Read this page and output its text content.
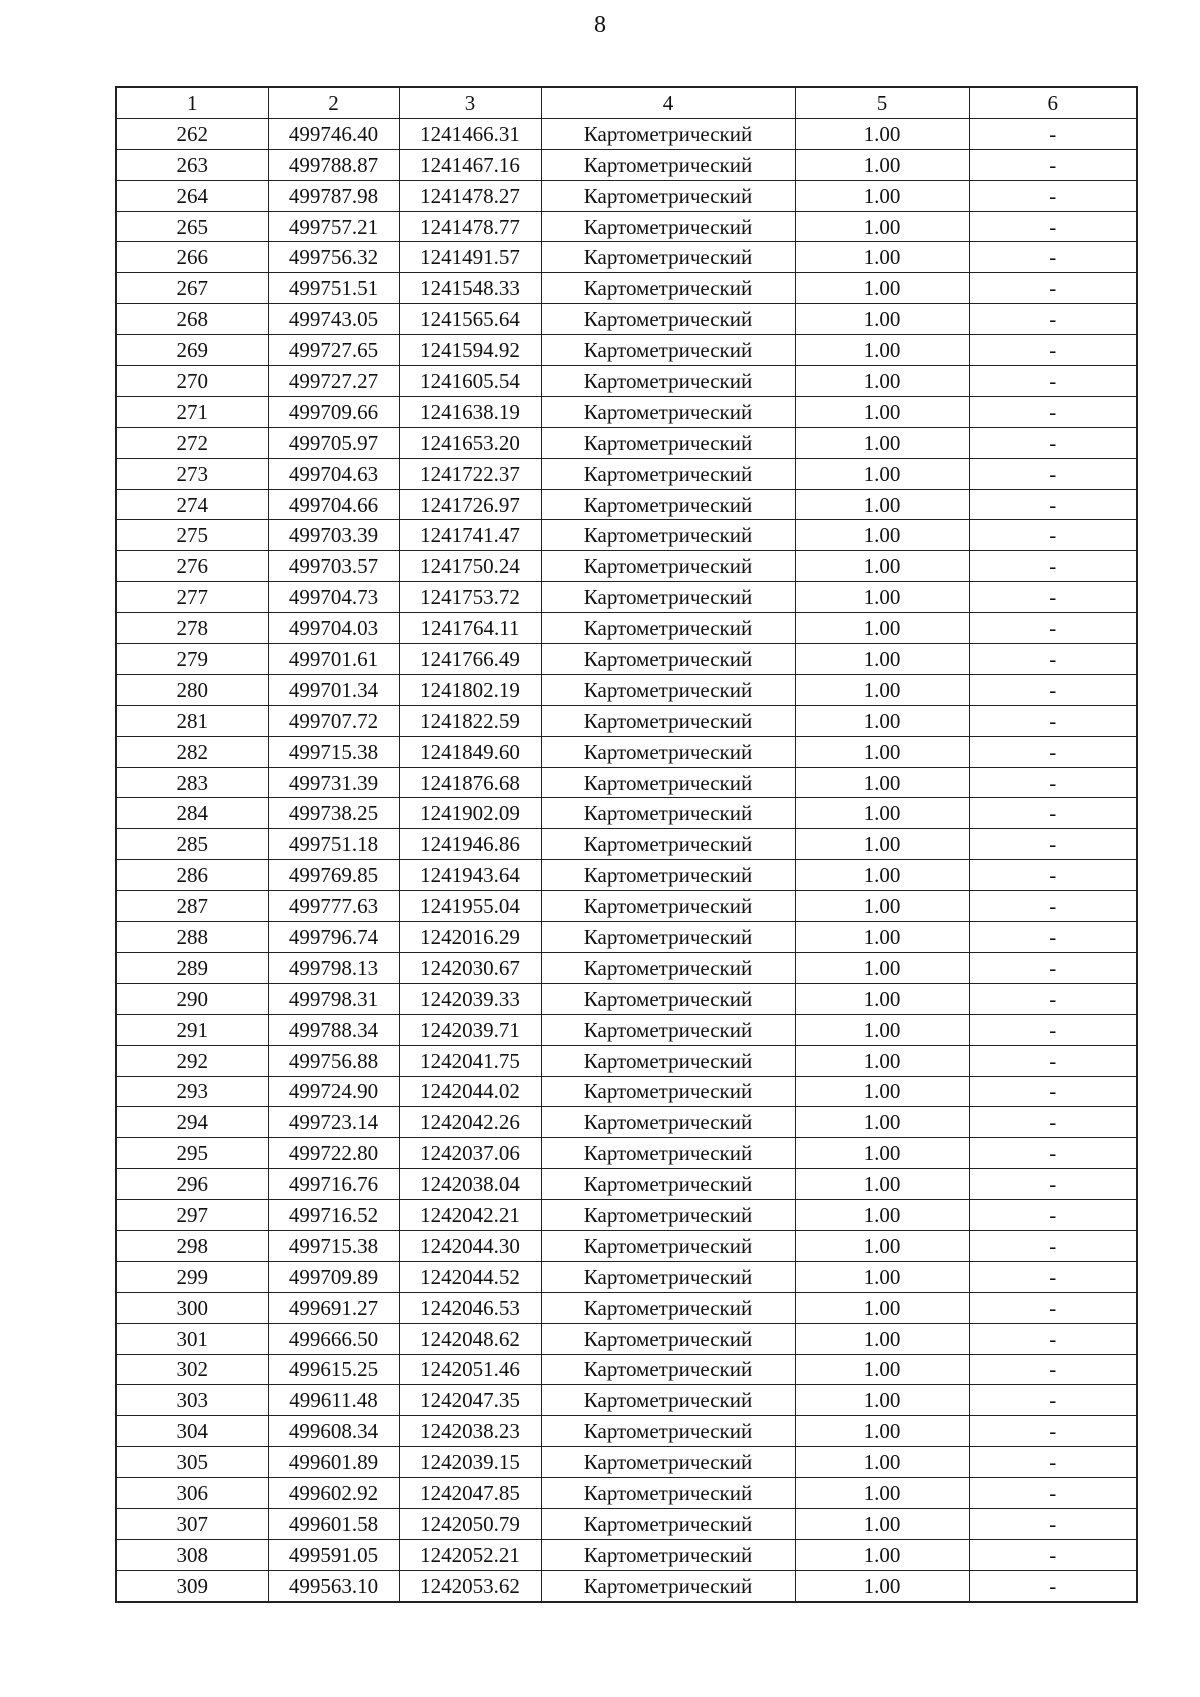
8
1	2	3	4	5	6
262	499746.40	1241466.31	Картометрический	1.00	-
263	499788.87	1241467.16	Картометрический	1.00	-
264	499787.98	1241478.27	Картометрический	1.00	-
265	499757.21	1241478.77	Картометрический	1.00	-
266	499756.32	1241491.57	Картометрический	1.00	-
267	499751.51	1241548.33	Картометрический	1.00	-
268	499743.05	1241565.64	Картометрический	1.00	-
269	499727.65	1241594.92	Картометрический	1.00	-
270	499727.27	1241605.54	Картометрический	1.00	-
271	499709.66	1241638.19	Картометрический	1.00	-
272	499705.97	1241653.20	Картометрический	1.00	-
273	499704.63	1241722.37	Картометрический	1.00	-
274	499704.66	1241726.97	Картометрический	1.00	-
275	499703.39	1241741.47	Картометрический	1.00	-
276	499703.57	1241750.24	Картометрический	1.00	-
277	499704.73	1241753.72	Картометрический	1.00	-
278	499704.03	1241764.11	Картометрический	1.00	-
279	499701.61	1241766.49	Картометрический	1.00	-
280	499701.34	1241802.19	Картометрический	1.00	-
281	499707.72	1241822.59	Картометрический	1.00	-
282	499715.38	1241849.60	Картометрический	1.00	-
283	499731.39	1241876.68	Картометрический	1.00	-
284	499738.25	1241902.09	Картометрический	1.00	-
285	499751.18	1241946.86	Картометрический	1.00	-
286	499769.85	1241943.64	Картометрический	1.00	-
287	499777.63	1241955.04	Картометрический	1.00	-
288	499796.74	1242016.29	Картометрический	1.00	-
289	499798.13	1242030.67	Картометрический	1.00	-
290	499798.31	1242039.33	Картометрический	1.00	-
291	499788.34	1242039.71	Картометрический	1.00	-
292	499756.88	1242041.75	Картометрический	1.00	-
293	499724.90	1242044.02	Картометрический	1.00	-
294	499723.14	1242042.26	Картометрический	1.00	-
295	499722.80	1242037.06	Картометрический	1.00	-
296	499716.76	1242038.04	Картометрический	1.00	-
297	499716.52	1242042.21	Картометрический	1.00	-
298	499715.38	1242044.30	Картометрический	1.00	-
299	499709.89	1242044.52	Картометрический	1.00	-
300	499691.27	1242046.53	Картометрический	1.00	-
301	499666.50	1242048.62	Картометрический	1.00	-
302	499615.25	1242051.46	Картометрический	1.00	-
303	499611.48	1242047.35	Картометрический	1.00	-
304	499608.34	1242038.23	Картометрический	1.00	-
305	499601.89	1242039.15	Картометрический	1.00	-
306	499602.92	1242047.85	Картометрический	1.00	-
307	499601.58	1242050.79	Картометрический	1.00	-
308	499591.05	1242052.21	Картометрический	1.00	-
309	499563.10	1242053.62	Картометрический	1.00	-
